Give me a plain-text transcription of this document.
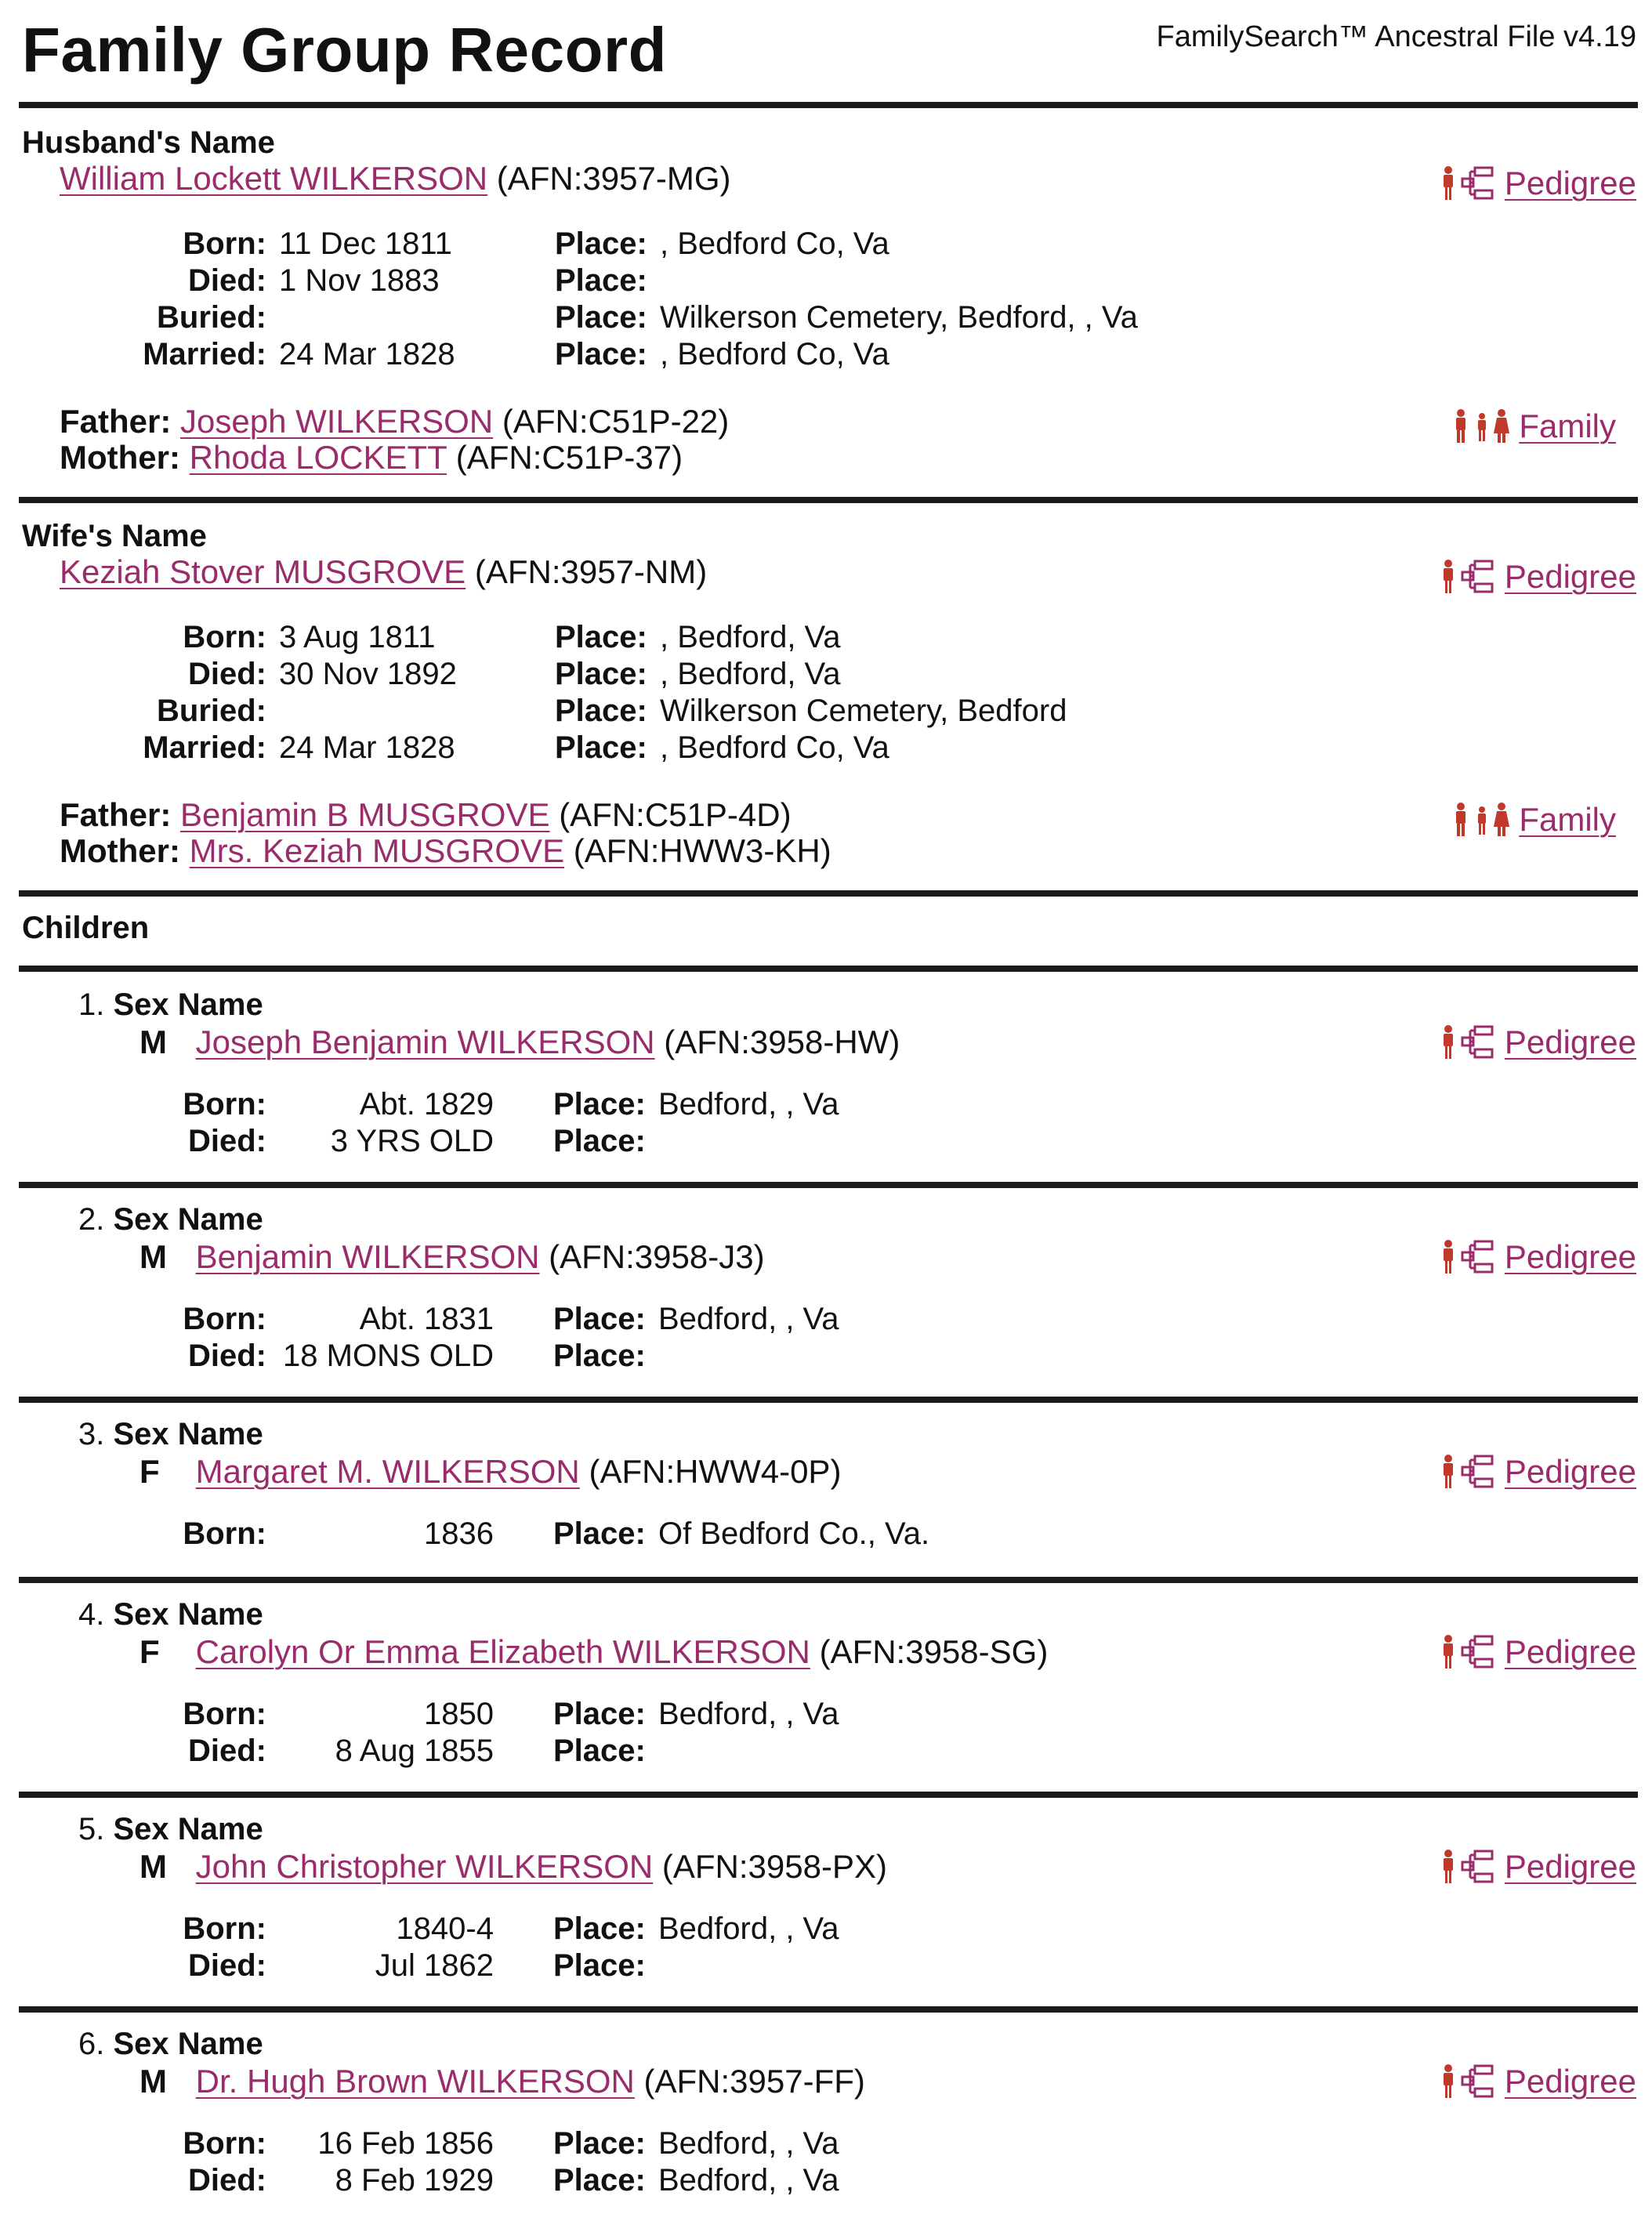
Family Group Record	FamilySearch™ Ancestral File v4.19
Husband's Name
William Lockett WILKERSON (AFN:3957-MG)	Pedigree
Born: 11 Dec 1811	Place: , Bedford Co, Va
Died: 1 Nov 1883	Place:
Buried:	Place: Wilkerson Cemetery, Bedford, , Va
Married: 24 Mar 1828	Place: , Bedford Co, Va
Father: Joseph WILKERSON (AFN:C51P-22)
Mother: Rhoda LOCKETT (AFN:C51P-37)
Family
Wife's Name
Keziah Stover MUSGROVE (AFN:3957-NM)	Pedigree
Born: 3 Aug 1811	Place: , Bedford, Va
Died: 30 Nov 1892	Place: , Bedford, Va
Buried:	Place: Wilkerson Cemetery, Bedford
Married: 24 Mar 1828	Place: , Bedford Co, Va
Father: Benjamin B MUSGROVE (AFN:C51P-4D)
Mother: Mrs. Keziah MUSGROVE (AFN:HWW3-KH)
Family
Children
1. Sex Name
M Joseph Benjamin WILKERSON (AFN:3958-HW)	Pedigree
Born:	Abt. 1829 Place: Bedford, , Va
Died:	3 YRS OLD Place:
2. Sex Name
M Benjamin WILKERSON (AFN:3958-J3)	Pedigree
Born:	Abt. 1831 Place: Bedford, , Va
Died: 18 MONS OLD Place:
3. Sex Name
F Margaret M. WILKERSON (AFN:HWW4-0P)	Pedigree
Born:	1836 Place: Of Bedford Co., Va.
4. Sex Name
F Carolyn Or Emma Elizabeth WILKERSON (AFN:3958-SG)	Pedigree
Born:	1850 Place: Bedford, , Va
Died:	8 Aug 1855 Place:
5. Sex Name
M John Christopher WILKERSON (AFN:3958-PX)	Pedigree
Born:	1840-4 Place: Bedford, , Va
Died:	Jul 1862 Place:
6. Sex Name
M Dr. Hugh Brown WILKERSON (AFN:3957-FF)	Pedigree
Born:	16 Feb 1856 Place: Bedford, , Va
Died:	8 Feb 1929 Place: Bedford, , Va
